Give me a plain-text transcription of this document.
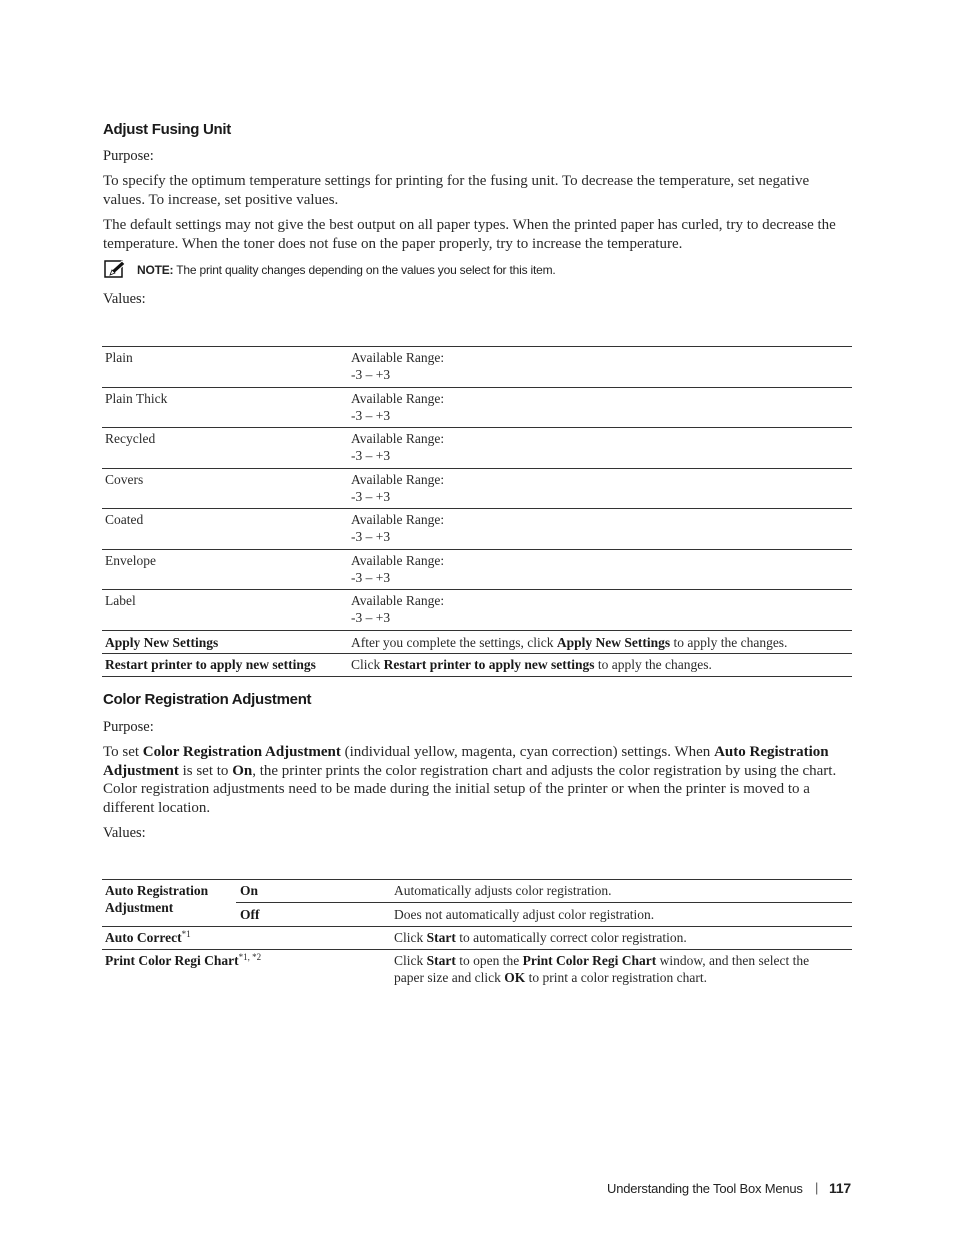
Adjust Fusing Unit
Purpose:
To specify the optimum temperature settings for printing for the fusing unit. To decrease the temperature, set negative values. To increase, set positive values.
The default settings may not give the best output on all paper types. When the printed paper has curled, try to decrease the temperature. When the toner does not fuse on the paper properly, try to increase the temperature.
NOTE: The print quality changes depending on the values you select for this item.
Values:
Plain	Available Range:
-3 – +3

Plain Thick	Available Range:
-3 – +3

Recycled	Available Range:
-3 – +3

Covers	Available Range:
-3 – +3

Coated	Available Range:
-3 – +3

Envelope	Available Range:
-3 – +3

Label	Available Range:
-3 – +3

Apply New Settings	After you complete the settings, click Apply New Settings to apply the changes.
Restart printer to apply new settings	Click Restart printer to apply new settings to apply the changes.
Color Registration Adjustment
Purpose:
To set Color Registration Adjustment (individual yellow, magenta, cyan correction) settings. When Auto Registration Adjustment is set to On, the printer prints the color registration chart and adjusts the color registration by using the chart. Color registration adjustments need to be made during the initial setup of the printer or when the printer is moved to a different location.
Values:
Auto Registration Adjustment	On	Automatically adjusts color registration.
	Off	Does not automatically adjust color registration.
Auto Correct$^{*1}$		Click Start to automatically correct color registration.
Print Color Regi Chart$^{*1, *2}$		Click Start to open the Print Color Regi Chart window, and then select the paper size and click OK to print a color registration chart.
Understanding the Tool Box Menus | 117
